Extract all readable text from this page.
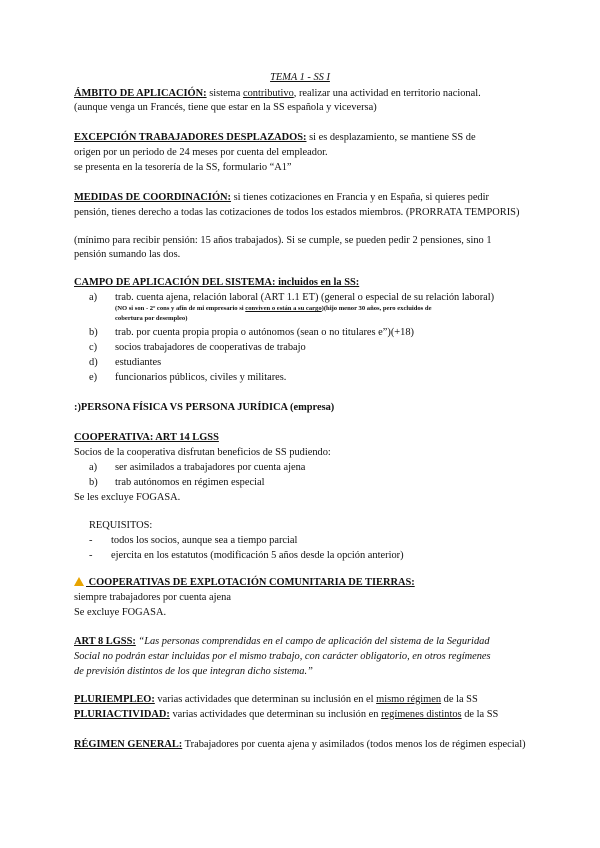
TEMA 1 - SS I
ÁMBITO DE APLICACIÓN: sistema contributivo, realizar una actividad en territorio nacional.
(aunque venga un Francés, tiene que estar en la SS española y viceversa)
EXCEPCIÓN TRABAJADORES DESPLAZADOS: si es desplazamiento, se mantiene SS de
origen por un periodo de 24 meses por cuenta del empleador.
se presenta en la tesorería de la SS, formulario “A1”
MEDIDAS DE COORDINACIÓN: si tienes cotizaciones en Francia y en España, si quieres pedir
pensión, tienes derecho a todas las cotizaciones de todos los estados miembros. (PRORRATA TEMPORIS)
(mínimo para recibir pensión: 15 años trabajados). Si se cumple, se pueden pedir 2 pensiones, sino 1
pensión sumando las dos.
CAMPO DE APLICACIÓN DEL SISTEMA: incluidos en la SS:
a) trab. cuenta ajena, relación laboral (ART 1.1 ET) (general o especial de su relación laboral)
(NO si son - 2º cons y afín de mi empresario si conviven o están a su cargo)(hijo menor 30 años, pero excluidos de
cobertura por desempleo)
b) trab. por cuenta propia propia o autónomos (sean o no titulares e”)(+18)
c) socios trabajadores de cooperativas de trabajo
d) estudiantes
e) funcionarios públicos, civiles y militares.
:)PERSONA FÍSICA VS PERSONA JURÍDICA (empresa)
COOPERATIVA: ART 14 LGSS
Socios de la cooperativa disfrutan beneficios de SS pudiendo:
a) ser asimilados a trabajadores por cuenta ajena
b) trab autónomos en régimen especial
Se les excluye FOGASA.
REQUISITOS:
- todos los socios, aunque sea a tiempo parcial
- ejercita en los estatutos (modificación 5 años desde la opción anterior)
COOPERATIVAS DE EXPLOTACIÓN COMUNITARIA DE TIERRAS:
siempre trabajadores por cuenta ajena
Se excluye FOGASA.
ART 8 LGSS: “Las personas comprendidas en el campo de aplicación del sistema de la Seguridad
Social no podrán estar incluidas por el mismo trabajo, con carácter obligatorio, en otros regímenes
de previsión distintos de los que integran dicho sistema.”
PLURIEMPLEO: varias actividades que determinan su inclusión en el mismo régimen de la SS
PLURIACTIVIDAD: varias actividades que determinan su inclusión en regímenes distintos de la SS
RÉGIMEN GENERAL: Trabajadores por cuenta ajena y asimilados (todos menos los de régimen especial)
